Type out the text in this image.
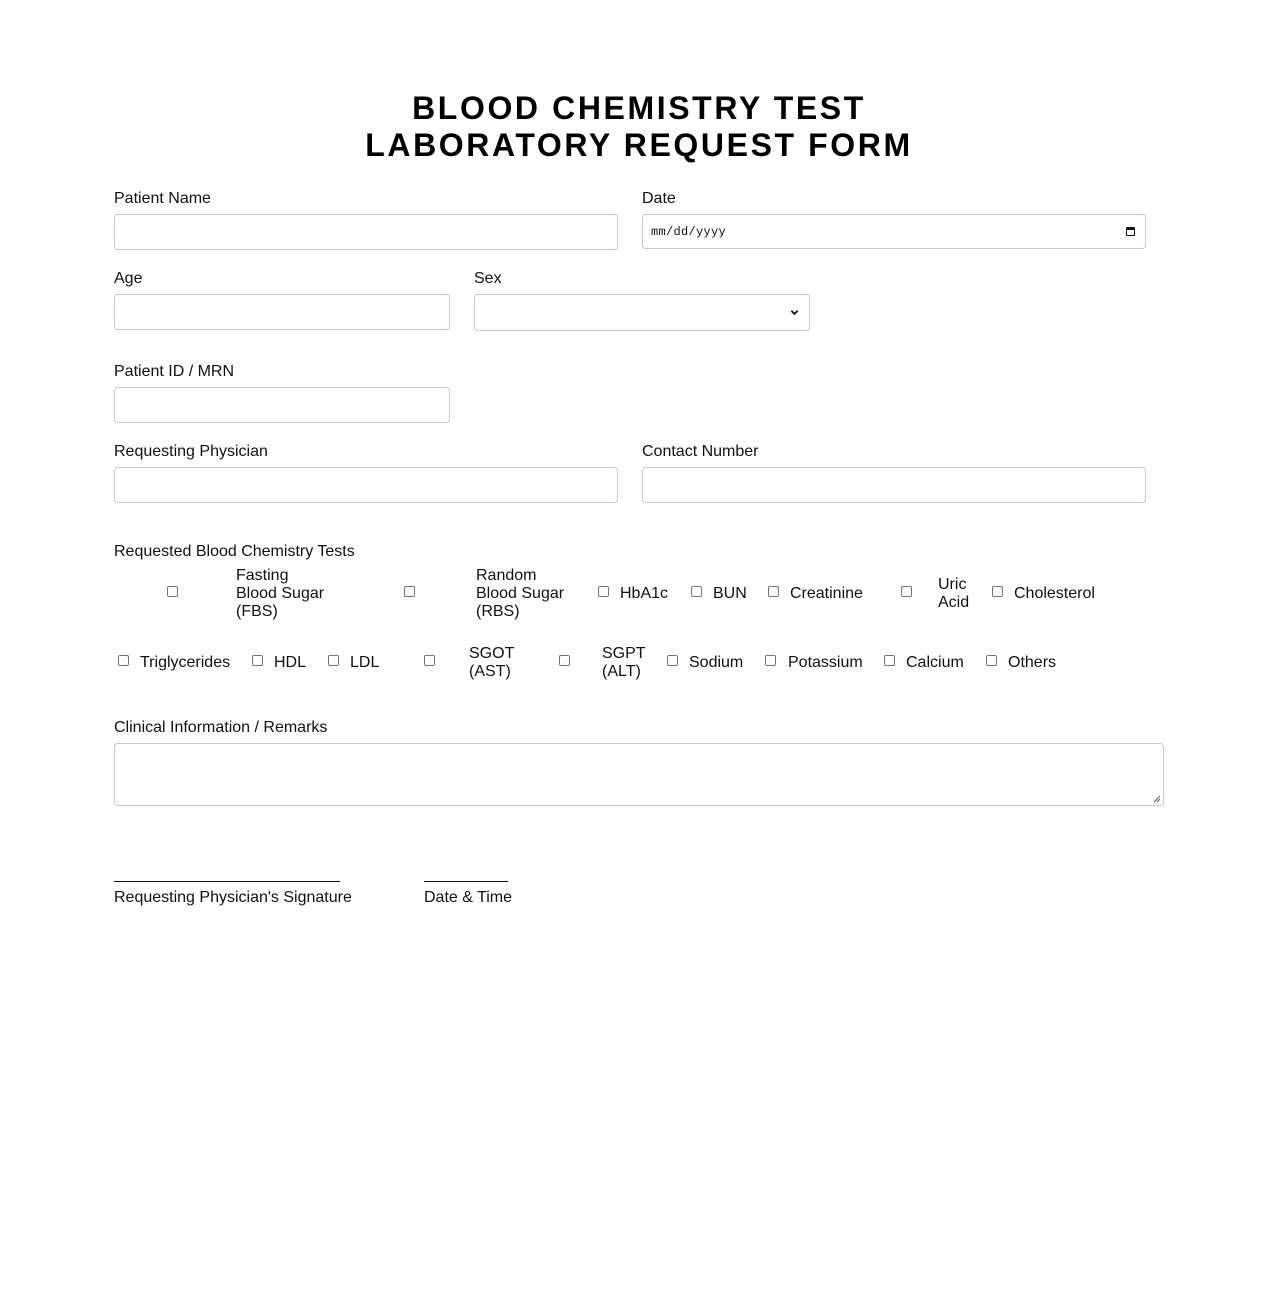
BLOOD CHEMISTRY TEST
LABORATORY REQUEST FORM
Patient Name	Date
mm/dd/yyyy
Age	Sex
Patient ID / MRN
Requesting Physician	Contact Number
Requested Blood Chemistry Tests
Fasting
Blood Sugar
(FBS)
Random
Blood Sugar
(RBS)
HbA1c	BUN	Creatinine
Uric
Acid
Cholesterol
Triglycerides	HDL	LDL
SGOT
(AST)
SGPT
(ALT)
Sodium	Potassium	Calcium	Others
Clinical Information / Remarks
Requesting Physician's Signature	Date & Time
